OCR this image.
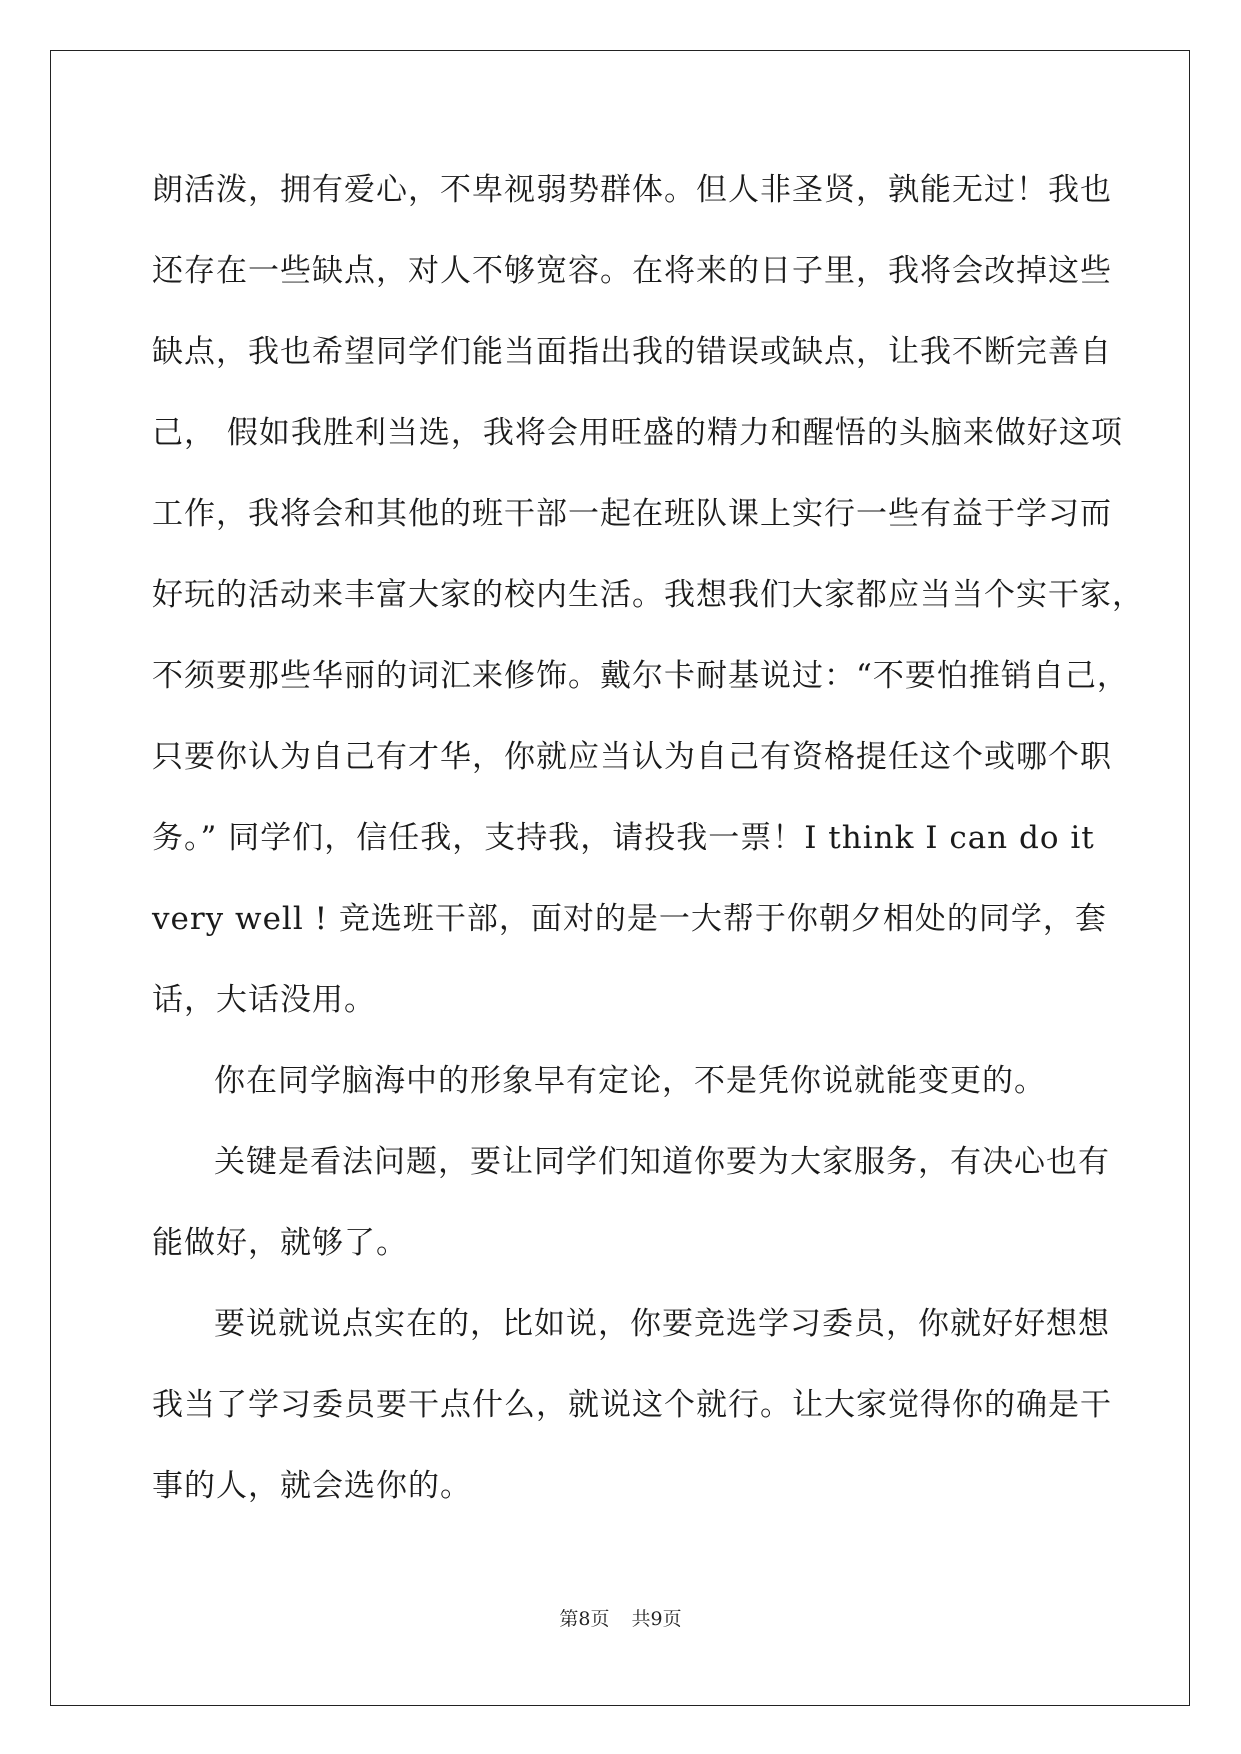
朗活泼，拥有爱心，不卑视弱势群体。但人非圣贤，孰能无过！我也
还存在一些缺点，对人不够宽容。在将来的日子里，我将会改掉这些
缺点，我也希望同学们能当面指出我的错误或缺点，让我不断完善自
己， 假如我胜利当选，我将会用旺盛的精力和醒悟的头脑来做好这项
工作，我将会和其他的班干部一起在班队课上实行一些有益于学习而
好玩的活动来丰富大家的校内生活。我想我们大家都应当当个实干家，
不须要那些华丽的词汇来修饰。戴尔卡耐基说过：“不要怕推销自己，
只要你认为自己有才华，你就应当认为自己有资格提任这个或哪个职
务。” 同学们，信任我，支持我，请投我一票！I think I can do it
very well ! 竞选班干部，面对的是一大帮于你朝夕相处的同学，套
话，大话没用。
你在同学脑海中的形象早有定论，不是凭你说就能变更的。
关键是看法问题，要让同学们知道你要为大家服务，有决心也有
能做好，就够了。
要说就说点实在的，比如说，你要竞选学习委员，你就好好想想
我当了学习委员要干点什么，就说这个就行。让大家觉得你的确是干
事的人，就会选你的。
第8页 共9页
